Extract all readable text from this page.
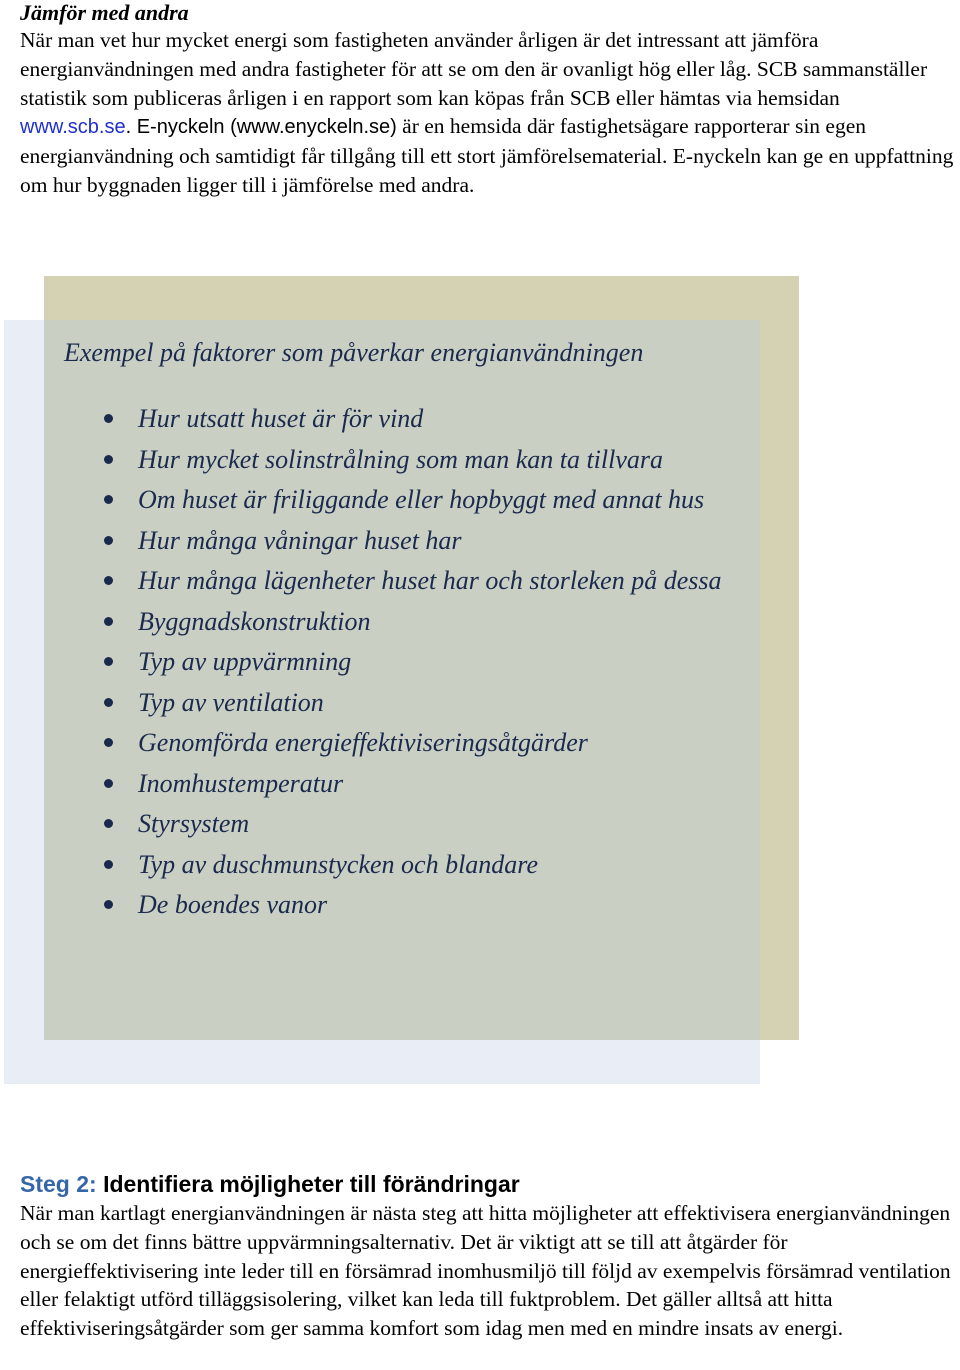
Jämför med andra

När man vet hur mycket energi som fastigheten använder årligen är det intressant att jämföra energianvändningen med andra fastigheter för att se om den är ovanligt hög eller låg. SCB sammanställer statistik som publiceras årligen i en rapport som kan köpas från SCB eller hämtas via hemsidan www.scb.se. E-nyckeln (www.enyckeln.se) är en hemsida där fastighetsägare rapporterar sin egen energianvändning och samtidigt får tillgång till ett stort jämförelsematerial. E-nyckeln kan ge en uppfattning om hur byggnaden ligger till i jämförelse med andra.

Exempel på faktorer som påverkar energianvändningen
Hur utsatt huset är för vind
Hur mycket solinstrålning som man kan ta tillvara
Om huset är friliggande eller hopbyggt med annat hus
Hur många våningar huset har
Hur många lägenheter huset har och storleken på dessa
Byggnadskonstruktion
Typ av uppvärmning
Typ av ventilation
Genomförda energieffektiviseringsåtgärder
Inomhustemperatur
Styrsystem
Typ av duschmunstycken och blandare
De boendes vanor
Steg 2: Identifiera möjligheter till förändringar

När man kartlagt energianvändningen är nästa steg att hitta möjligheter att effektivisera energianvändningen och se om det finns bättre uppvärmningsalternativ. Det är viktigt att se till att åtgärder för energieffektivisering inte leder till en försämrad inomhusmiljö till följd av exempelvis försämrad ventilation eller felaktigt utförd tilläggsisolering, vilket kan leda till fuktproblem. Det gäller alltså att hitta effektiviseringsåtgärder som ger samma komfort som idag men med en mindre insats av energi.
